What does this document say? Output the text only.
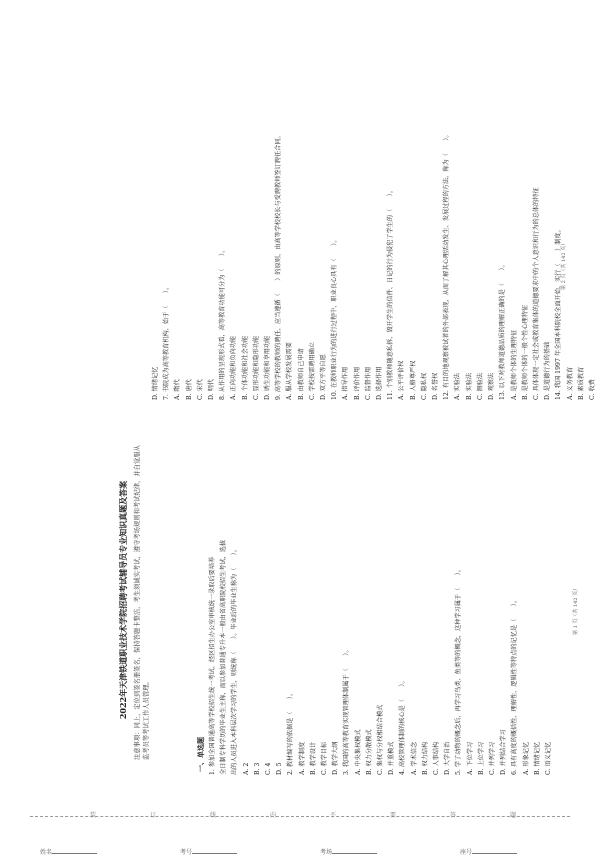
姓名	考号	考场	座号
装	订	线	内	不	要	答	题
2022年天津铁道职业技术学院招聘考试辅导员专业知识真题及答案 注意事项：同上，定位到签名册签名，保持答题卡整洁，考生须诚实考试，遵守考场规则和考试纪律，并自觉服从监考员等考试工作人员管理。	一、单选题 1. 参加全国普通高等学校招生统一考试，经区招生办公室审核统一录取后要培养 全日制专科学历的毕业生主称，而以参加普通专升本一般由省高职院校招生考试，选拔 出的人员进入本科层次学习的学生，则统称（　　）。毕业后的毕业生称为（　　）。 A. 2 B. 3 C. 4 D. 5 2. 教材编写的依据是（　　）。 A. 教学制度 B. 教学设计 C. 教学目标 D. 教学大纲 3. 我国的高等教育实现管理体制属于（　　）。 A. 中央集权模式 B. 权力分散模式 C. 集权与分权相结合模式 D. 并重模式 4. 高校管理体制的核心是（　　）。 A. 学术信念 B. 权力结构 C. 人事结构 D. 大学自治 5. 学了动物的概念后，再学习鸟类、鱼类等的概念，这种学习属于（　　）。 A. 下位学习 B. 上位学习 C. 并列学习 D. 并列结合学习 6. 具有高度的概括性、理解性、逻辑性等特点的记忆是（　　）。 A. 形象记忆 B. 情绪记忆 C. 语义记忆
D. 情绪记忆 7. 书院成为高等教育机构，始于（　　）。 A. 隋代 B. 唐代 C. 宋代 D. 明代 8. 从作用的呈现形式看，高等教育功能可分为（　　）。 A. 正向功能和负向功能 B. 个体功能和社会功能 C. 显形功能和隐形功能 D. 诱生功能和享用功能 9. 高等学校的教师的聘任，应当遵循（　　）的原则，由高等学校校长与受聘教师签订聘任合同。 A. 服从学校发展需要 B. 由教师自己申请 C. 学校按需聘用确立 D. 双方平等自愿 10. 在教师职业行为的进行过程中，职业良心具有（　　）。 A. 指导作用 B. 评价作用 C. 监督作用 D. 选择作用 11. 个别教师随意私拆、毁开学生的信件、日记的行为侵犯了学生的（　　）。 A. 公平评价权 B. 人格尊严权 C. 隐私权 D. 名誉权 12. 有目的地观察被试者的外部表现，从而了解其心理活动发生、发展过程的方法，称为（　　）。 A. 实验法 B. 实验法 C. 测验法 D. 观察法 13. 以下对教师道德品质的理解正确的是（　　）。 A. 是教师个体的生理特征 B. 是教师个体的一般个性心理特征 C. 具体体现一定社会或教育集体的道德要求中的个人意识和行为的总体的特征 D. 是道德行为的基础 14. 我国 1997 年全国本科院校全面开始，实行（　　）制度。 A. 义务教育 B. 素质教育 C. 收费
第 1 页（共 142 页）
第 2 页（共 142 页）
